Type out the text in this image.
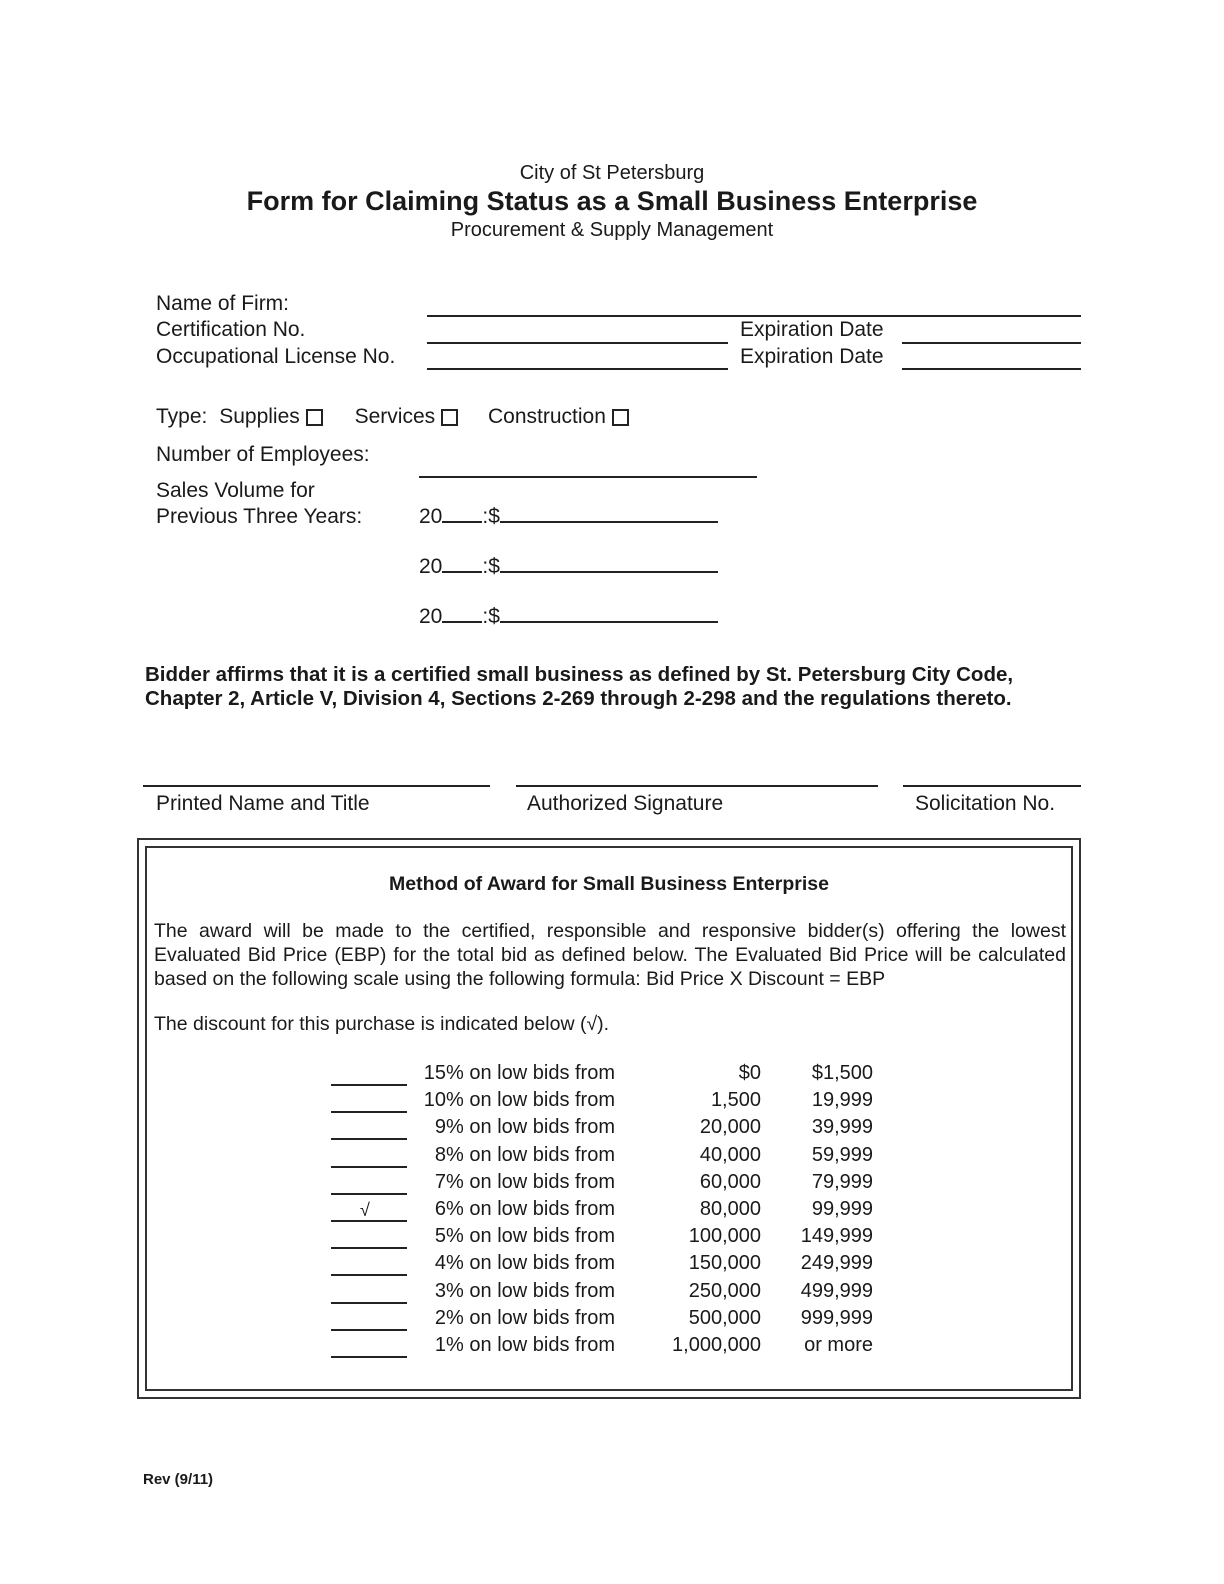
City of St Petersburg
Form for Claiming Status as a Small Business Enterprise
Procurement & Supply Management
Name of Firm:
Certification No.	Expiration Date
Occupational License No.	Expiration Date
Type: Supplies	Services	Construction
Number of Employees:
Sales Volume for
Previous Three Years:	20 :$
20 :$
20 :$
Bidder affirms that it is a certified small business as defined by St. Petersburg City Code,
Chapter 2, Article V, Division 4, Sections 2-269 through 2-298 and the regulations thereto.
Printed Name and Title	Authorized Signature	Solicitation No.
Method of Award for Small Business Enterprise
The award will be made to the certified, responsible and responsive bidder(s) offering the lowest Evaluated Bid Price (EBP) for the total bid as defined below. The Evaluated Bid Price will be calculated based on the following scale using the following formula: Bid Price X Discount = EBP
The discount for this purchase is indicated below (√).
15% on low bids from	$0	$1,500
10% on low bids from	1,500	19,999
9% on low bids from	20,000	39,999
8% on low bids from	40,000	59,999
7% on low bids from	60,000	79,999
√	6% on low bids from	80,000	99,999
5% on low bids from	100,000	149,999
4% on low bids from	150,000	249,999
3% on low bids from	250,000	499,999
2% on low bids from	500,000	999,999
1% on low bids from	1,000,000	or more
Rev (9/11)
